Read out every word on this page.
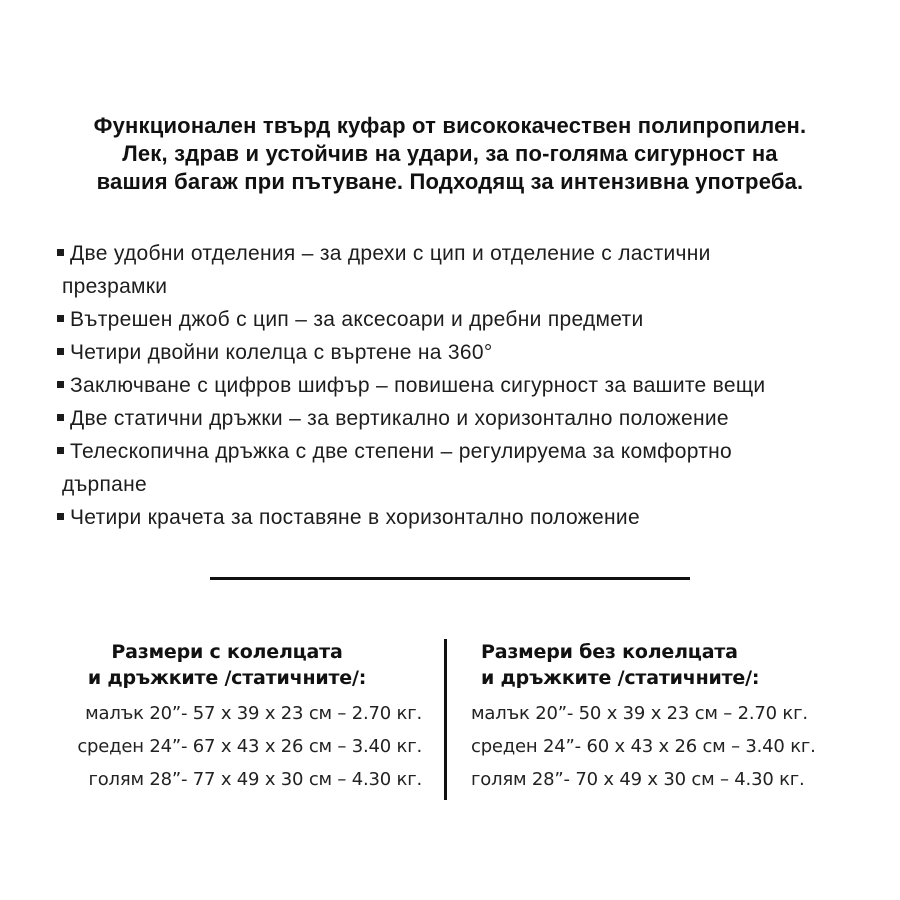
Функционален твърд куфар от висококачествен полипропилен.
Лек, здрав и устойчив на удари, за по-голяма сигурност на
вашия багаж при пътуване. Подходящ за интензивна употреба.
Две удобни отделения – за дрехи с цип и отделение с ластични
презрамки
Вътрешен джоб с цип – за аксесоари и дребни предмети
Четири двойни колелца с въртене на 360°
Заключване с цифров шифър – повишена сигурност за вашите вещи
Две статични дръжки – за вертикално и хоризонтално положение
Телескопична дръжка с две степени – регулируема за комфортно
дърпане
Четири крачета за поставяне в хоризонтално положение
Размери с колелцата
и дръжките /статичните/:
малък 20”- 57 x 39 x 23 см – 2.70 кг.
среден 24”- 67 x 43 x 26 см – 3.40 кг.
голям 28”- 77 x 49 x 30 см – 4.30 кг.
Размери без колелцата
и дръжките /статичните/:
малък 20”- 50 x 39 x 23 см – 2.70 кг.
среден 24”- 60 x 43 x 26 см – 3.40 кг.
голям 28”- 70 x 49 x 30 см – 4.30 кг.
